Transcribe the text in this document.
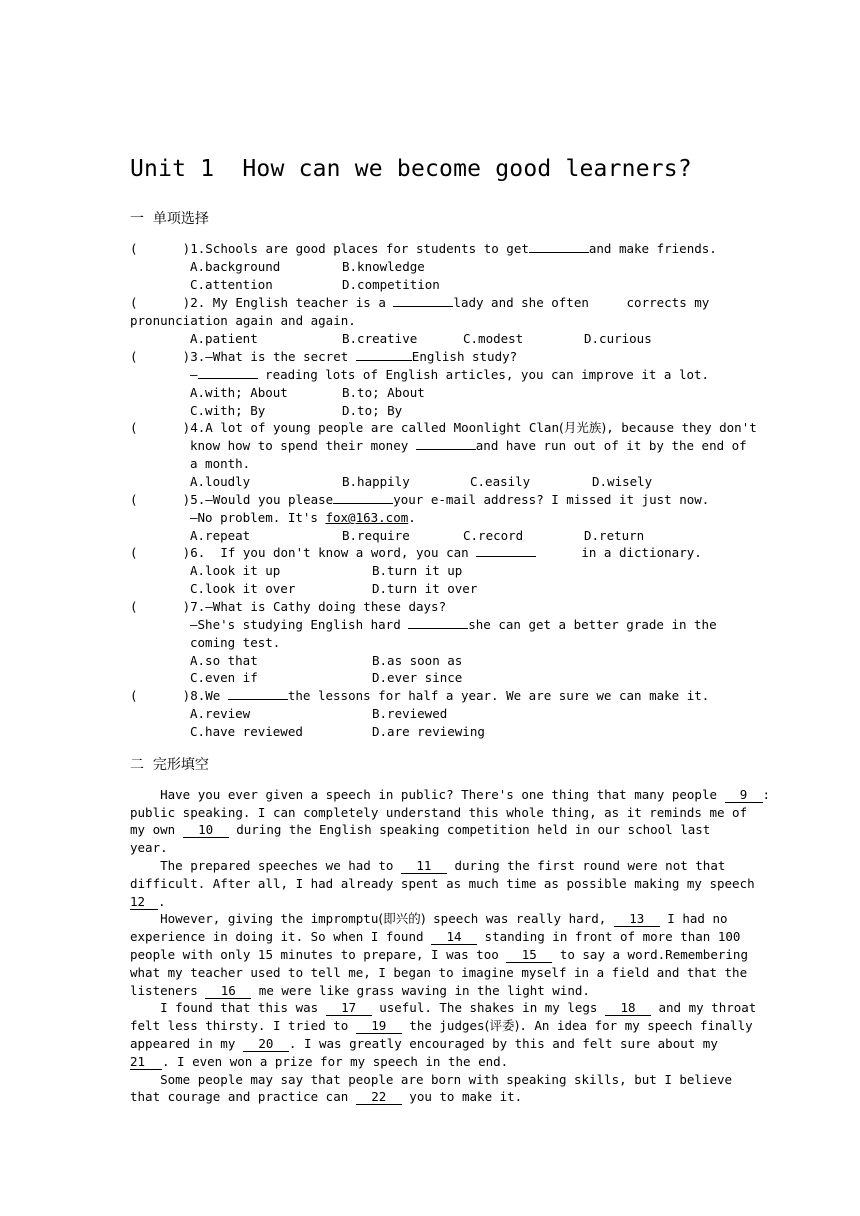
Unit 1  How can we become good learners?
一  单项选择
(      )1.Schools are good places for students to get	and make friends.
A.background	B.knowledge
C.attention	D.competition
(      )2. My English teacher is a	lady and she often     corrects my
pronunciation again and again.
A.patient	B.creative	C.modest	D.curious
(      )3.—What is the secret	English study?
—	reading lots of English articles, you can improve it a lot.
A.with; About	B.to; About
C.with; By	D.to; By
(      )4.A lot of young people are called Moonlight Clan(月光族), because they don't
know how to spend their money	and have run out of it by the end of
a month.
A.loudly	B.happily	C.easily	D.wisely
(      )5.—Would you please	your e-mail address? I missed it just now.
—No problem. It's fox@163.com.
A.repeat	B.require	C.record	D.return
(      )6.  If you don't know a word, you can	in a dictionary.
A.look it up	B.turn it up
C.look it over	D.turn it over
(      )7.—What is Cathy doing these days?
—She's studying English hard	she can get a better grade in the
coming test.
A.so that	B.as soon as
C.even if	D.ever since
(      )8.We	the lessons for half a year. We are sure we can make it.
A.review	B.reviewed
C.have reviewed	D.are reviewing
二  完形填空
Have you ever given a speech in public? There's one thing that many people 9 :
public speaking. I can completely understand this whole thing, as it reminds me of
my own 10 during the English speaking competition held in our school last
year.
The prepared speeches we had to 11 during the first round were not that
difficult. After all, I had already spent as much time as possible making my speech
12 .
However, giving the impromptu(即兴的) speech was really hard, 13 I had no
experience in doing it. So when I found 14 standing in front of more than 100
people with only 15 minutes to prepare, I was too 15 to say a word.Remembering
what my teacher used to tell me, I began to imagine myself in a field and that the
listeners 16 me were like grass waving in the light wind.
I found that this was 17 useful. The shakes in my legs 18 and my throat
felt less thirsty. I tried to 19 the judges(评委). An idea for my speech finally
appeared in my 20 . I was greatly encouraged by this and felt sure about my
21 . I even won a prize for my speech in the end.
Some people may say that people are born with speaking skills, but I believe
that courage and practice can 22 you to make it.
